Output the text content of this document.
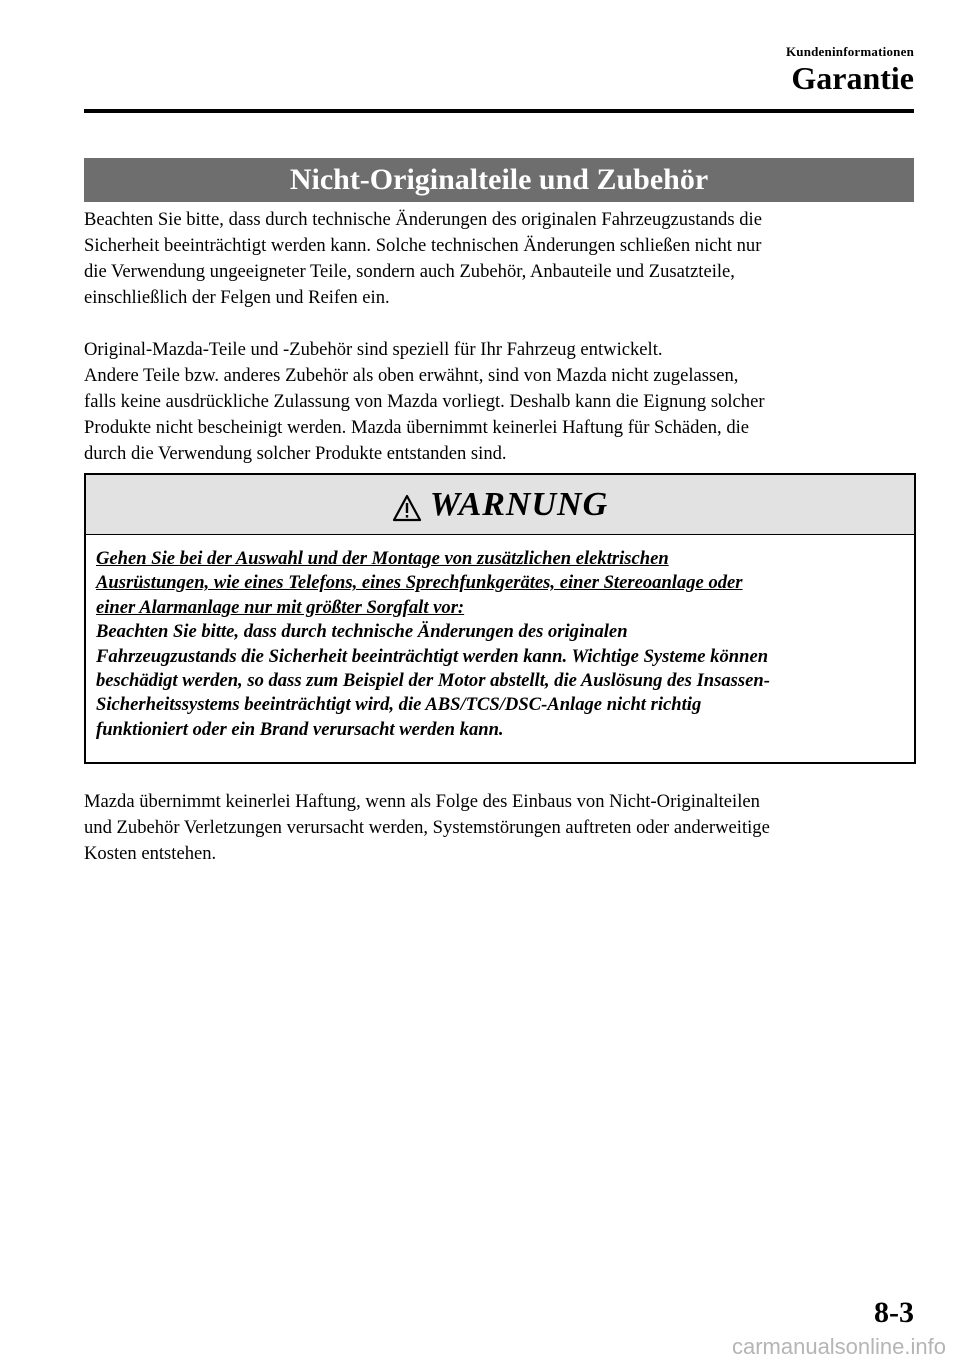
Kundeninformationen
Garantie
Nicht-Originalteile und Zubehör

Beachten Sie bitte, dass durch technische Änderungen des originalen Fahrzeugzustands die
Sicherheit beeinträchtigt werden kann. Solche technischen Änderungen schließen nicht nur
die Verwendung ungeeigneter Teile, sondern auch Zubehör, Anbauteile und Zusatzteile,
einschließlich der Felgen und Reifen ein.

Original-Mazda-Teile und -Zubehör sind speziell für Ihr Fahrzeug entwickelt.
Andere Teile bzw. anderes Zubehör als oben erwähnt, sind von Mazda nicht zugelassen,
falls keine ausdrückliche Zulassung von Mazda vorliegt. Deshalb kann die Eignung solcher
Produkte nicht bescheinigt werden. Mazda übernimmt keinerlei Haftung für Schäden, die
durch die Verwendung solcher Produkte entstanden sind.

WARNUNG
Gehen Sie bei der Auswahl und der Montage von zusätzlichen elektrischen
Ausrüstungen, wie eines Telefons, eines Sprechfunkgerätes, einer Stereoanlage oder
einer Alarmanlage nur mit größter Sorgfalt vor:
Beachten Sie bitte, dass durch technische Änderungen des originalen
Fahrzeugzustands die Sicherheit beeinträchtigt werden kann. Wichtige Systeme können
beschädigt werden, so dass zum Beispiel der Motor abstellt, die Auslösung des Insassen-
Sicherheitssystems beeinträchtigt wird, die ABS/TCS/DSC-Anlage nicht richtig
funktioniert oder ein Brand verursacht werden kann.

Mazda übernimmt keinerlei Haftung, wenn als Folge des Einbaus von Nicht-Originalteilen
und Zubehör Verletzungen verursacht werden, Systemstörungen auftreten oder anderweitige
Kosten entstehen.

8-3
carmanualsonline.info
